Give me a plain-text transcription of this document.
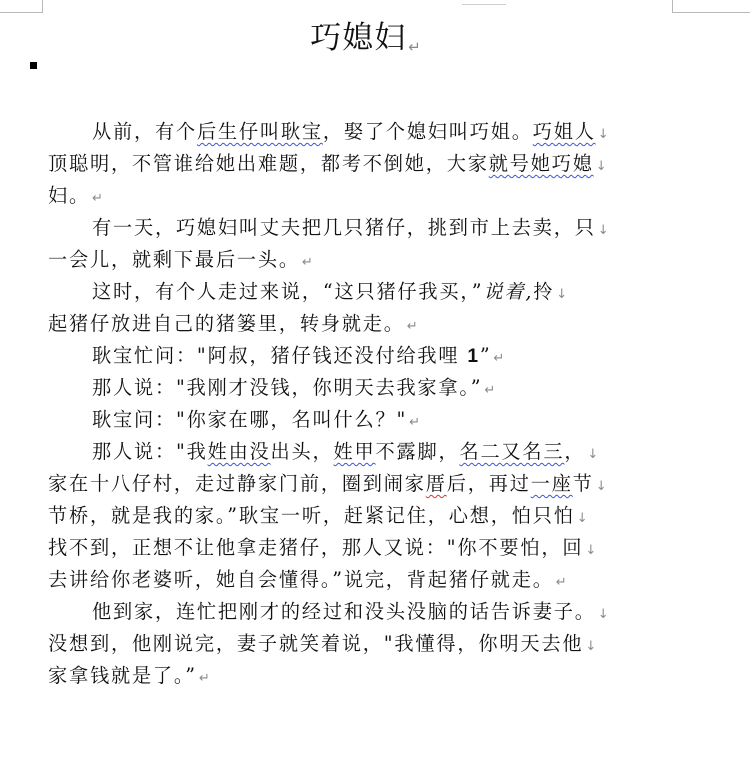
巧媳妇 ↵
从前，有个后生仔叫耿宝，娶了个媳妇叫巧姐。巧姐人 ↓
顶聪明，不管谁给她出难题，都考不倒她，大家就号她巧媳 ↓
妇。 ↵
有一天，巧媳妇叫丈夫把几只猪仔，挑到市上去卖，只 ↓
一会儿，就剩下最后一头。 ↵
这时，有个人走过来说，“这只猪仔我买，”说着,拎 ↓
起猪仔放进自己的猪篓里，转身就走。 ↵
耿宝忙问："阿叔，猪仔钱还没付给我哩 1” ↵
那人说："我刚才没钱，你明天去我家拿。” ↵
耿宝问："你家在哪，名叫什么？" ↵
那人说："我姓由没出头，姓甲不露脚，名二又名三， ↓
家在十八仔村，走过静家门前，圈到闹家厝后，再过一座节 ↓
节桥，就是我的家。”耿宝一听，赶紧记住，心想，怕只怕 ↓
找不到，正想不让他拿走猪仔，那人又说："你不要怕，回 ↓
去讲给你老婆听，她自会懂得。”说完，背起猪仔就走。 ↵
他到家，连忙把刚才的经过和没头没脑的话告诉妻子。 ↓
没想到，他刚说完，妻子就笑着说，"我懂得，你明天去他 ↓
家拿钱就是了。” ↵
